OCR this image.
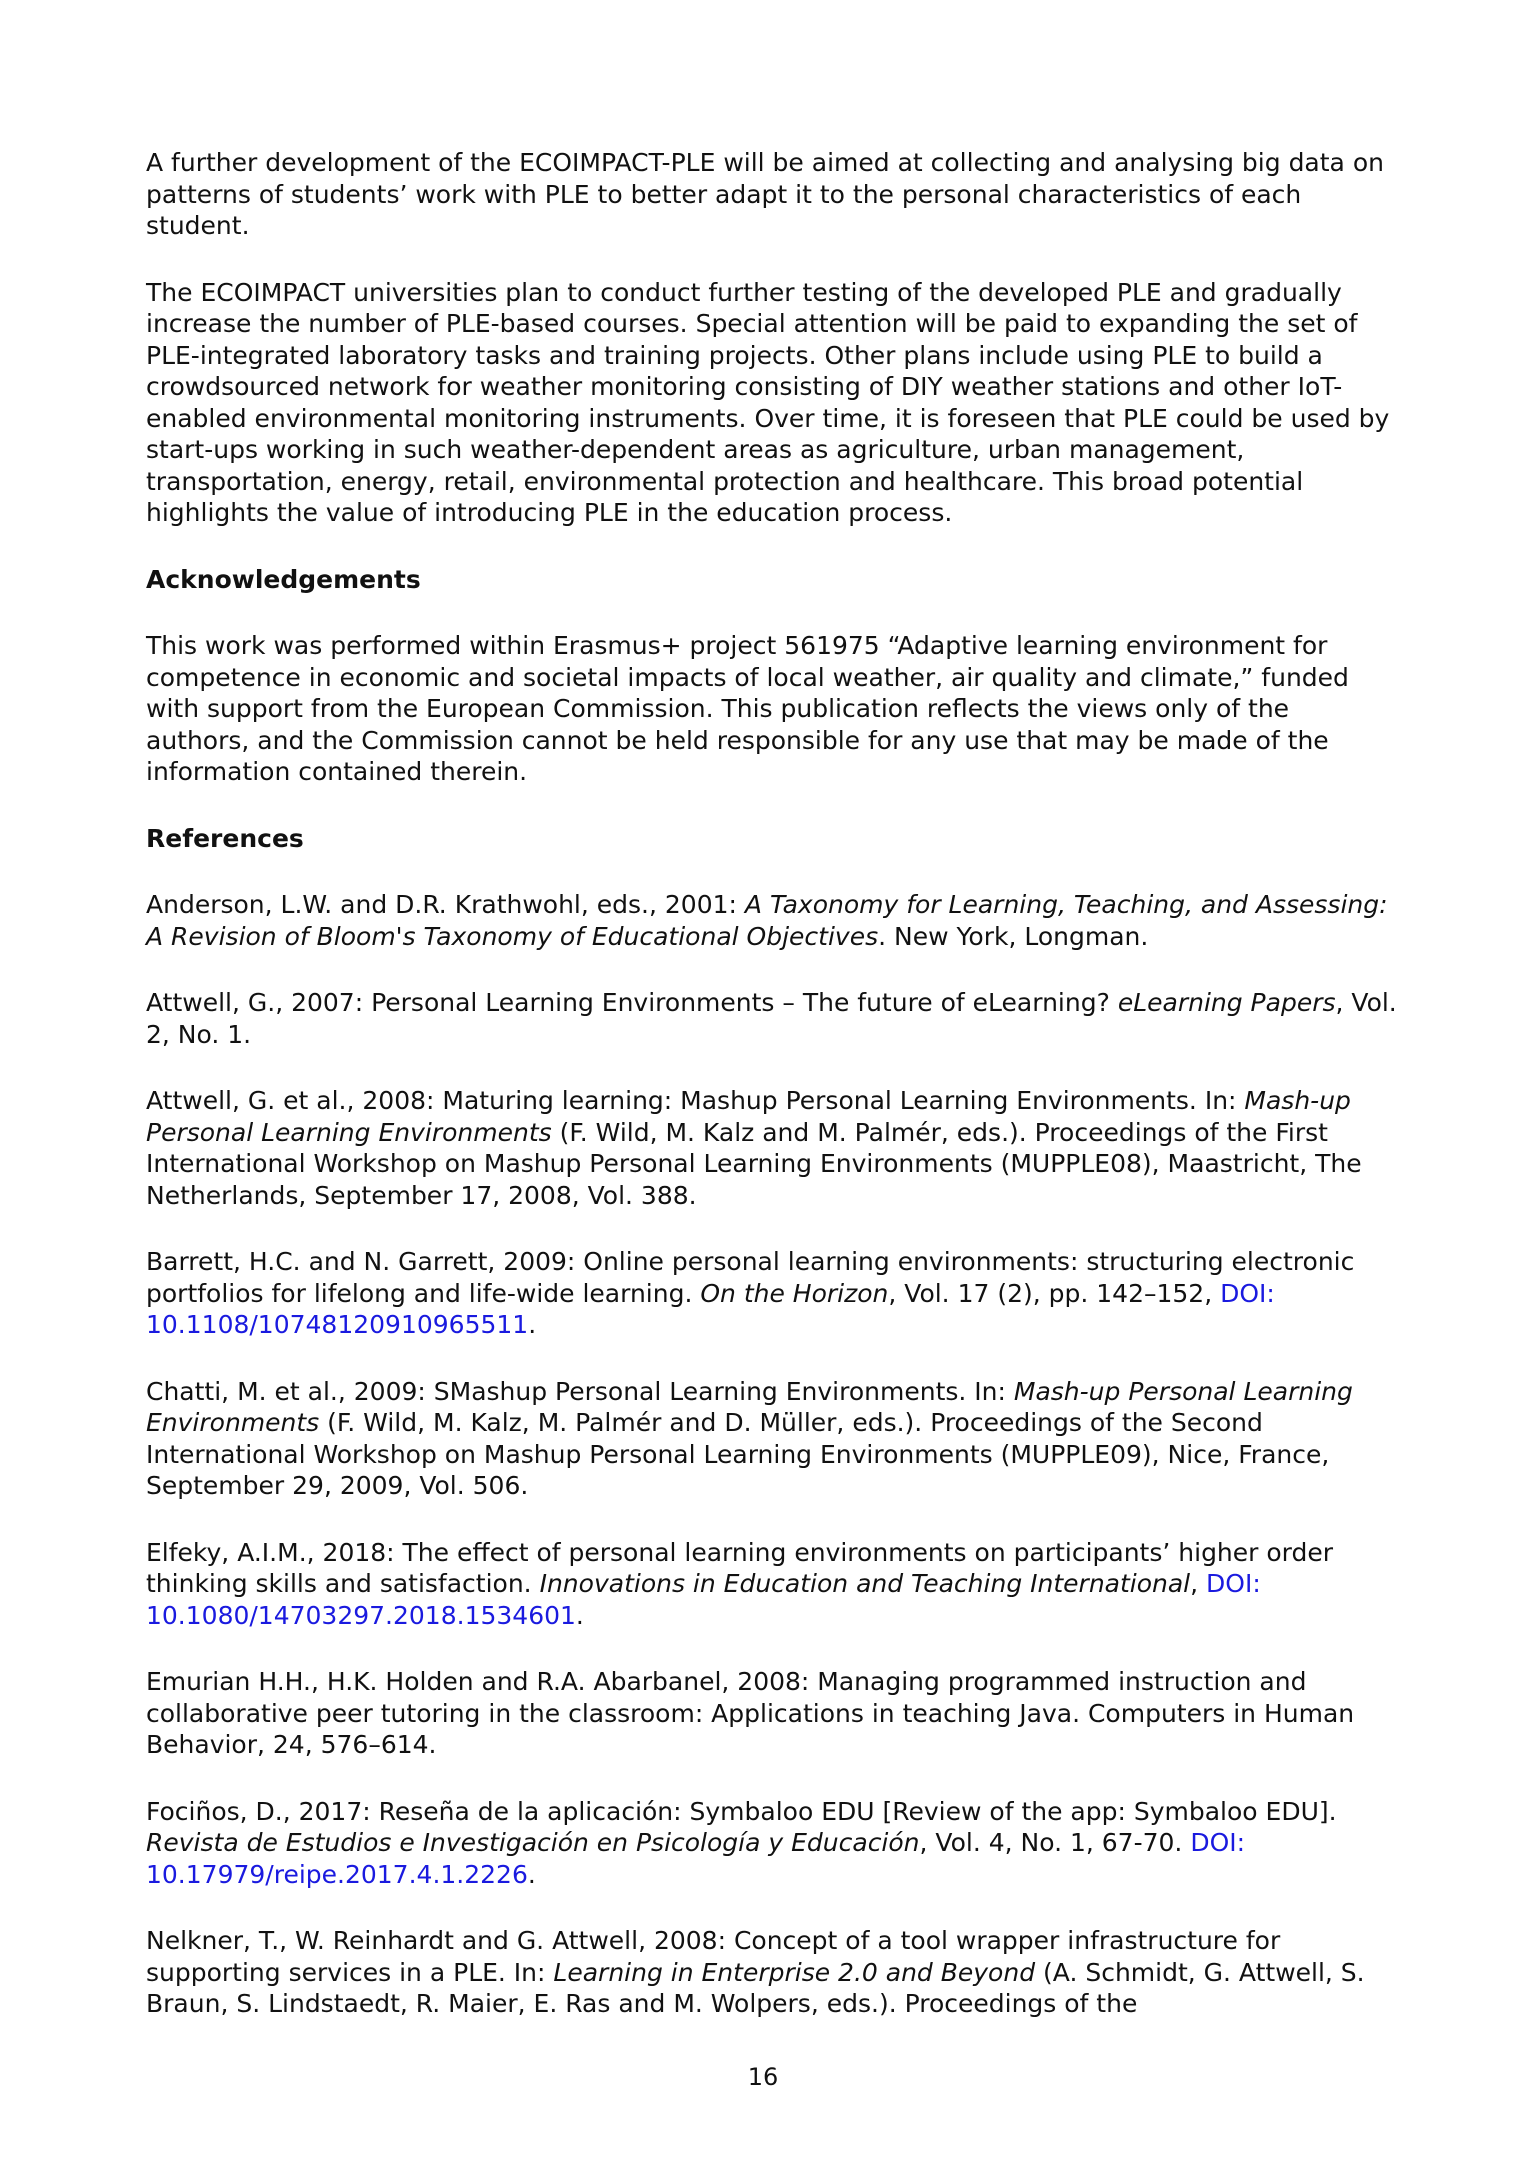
A further development of the ECOIMPACT-PLE will be aimed at collecting and analysing big data on patterns of students’ work with PLE to better adapt it to the personal characteristics of each student.

The ECOIMPACT universities plan to conduct further testing of the developed PLE and gradually increase the number of PLE-based courses. Special attention will be paid to expanding the set of PLE-integrated laboratory tasks and training projects. Other plans include using PLE to build a crowdsourced network for weather monitoring consisting of DIY weather stations and other IoT-enabled environmental monitoring instruments. Over time, it is foreseen that PLE could be used by start-ups working in such weather-dependent areas as agriculture, urban management, transportation, energy, retail, environmental protection and healthcare. This broad potential highlights the value of introducing PLE in the education process.

Acknowledgements

This work was performed within Erasmus+ project 561975 “Adaptive learning environment for competence in economic and societal impacts of local weather, air quality and climate,” funded with support from the European Commission. This publication reflects the views only of the authors, and the Commission cannot be held responsible for any use that may be made of the information contained therein.

References

Anderson, L.W. and D.R. Krathwohl, eds., 2001: A Taxonomy for Learning, Teaching, and Assessing: A Revision of Bloom's Taxonomy of Educational Objectives. New York, Longman.

Attwell, G., 2007: Personal Learning Environments – The future of eLearning? eLearning Papers, Vol. 2, No. 1.

Attwell, G. et al., 2008: Maturing learning: Mashup Personal Learning Environments. In: Mash-up Personal Learning Environments (F. Wild, M. Kalz and M. Palmér, eds.). Proceedings of the First International Workshop on Mashup Personal Learning Environments (MUPPLE08), Maastricht, The Netherlands, September 17, 2008, Vol. 388.

Barrett, H.C. and N. Garrett, 2009: Online personal learning environments: structuring electronic portfolios for lifelong and life-wide learning. On the Horizon, Vol. 17 (2), pp. 142–152, DOI: 10.1108/10748120910965511.

Chatti, M. et al., 2009: SMashup Personal Learning Environments. In: Mash-up Personal Learning Environments (F. Wild, M. Kalz, M. Palmér and D. Müller, eds.). Proceedings of the Second International Workshop on Mashup Personal Learning Environments (MUPPLE09), Nice, France, September 29, 2009, Vol. 506.

Elfeky, A.I.M., 2018: The effect of personal learning environments on participants’ higher order thinking skills and satisfaction. Innovations in Education and Teaching International, DOI: 10.1080/14703297.2018.1534601.

Emurian H.H., H.K. Holden and R.A. Abarbanel, 2008: Managing programmed instruction and collaborative peer tutoring in the classroom: Applications in teaching Java. Computers in Human Behavior, 24, 576–614.

Fociños, D., 2017: Reseña de la aplicación: Symbaloo EDU [Review of the app: Symbaloo EDU]. Revista de Estudios e Investigación en Psicología y Educación, Vol. 4, No. 1, 67-70. DOI: 10.17979/reipe.2017.4.1.2226.

Nelkner, T., W. Reinhardt and G. Attwell, 2008: Concept of a tool wrapper infrastructure for supporting services in a PLE. In: Learning in Enterprise 2.0 and Beyond (A. Schmidt, G. Attwell, S. Braun, S. Lindstaedt, R. Maier, E. Ras and M. Wolpers, eds.). Proceedings of the

16
